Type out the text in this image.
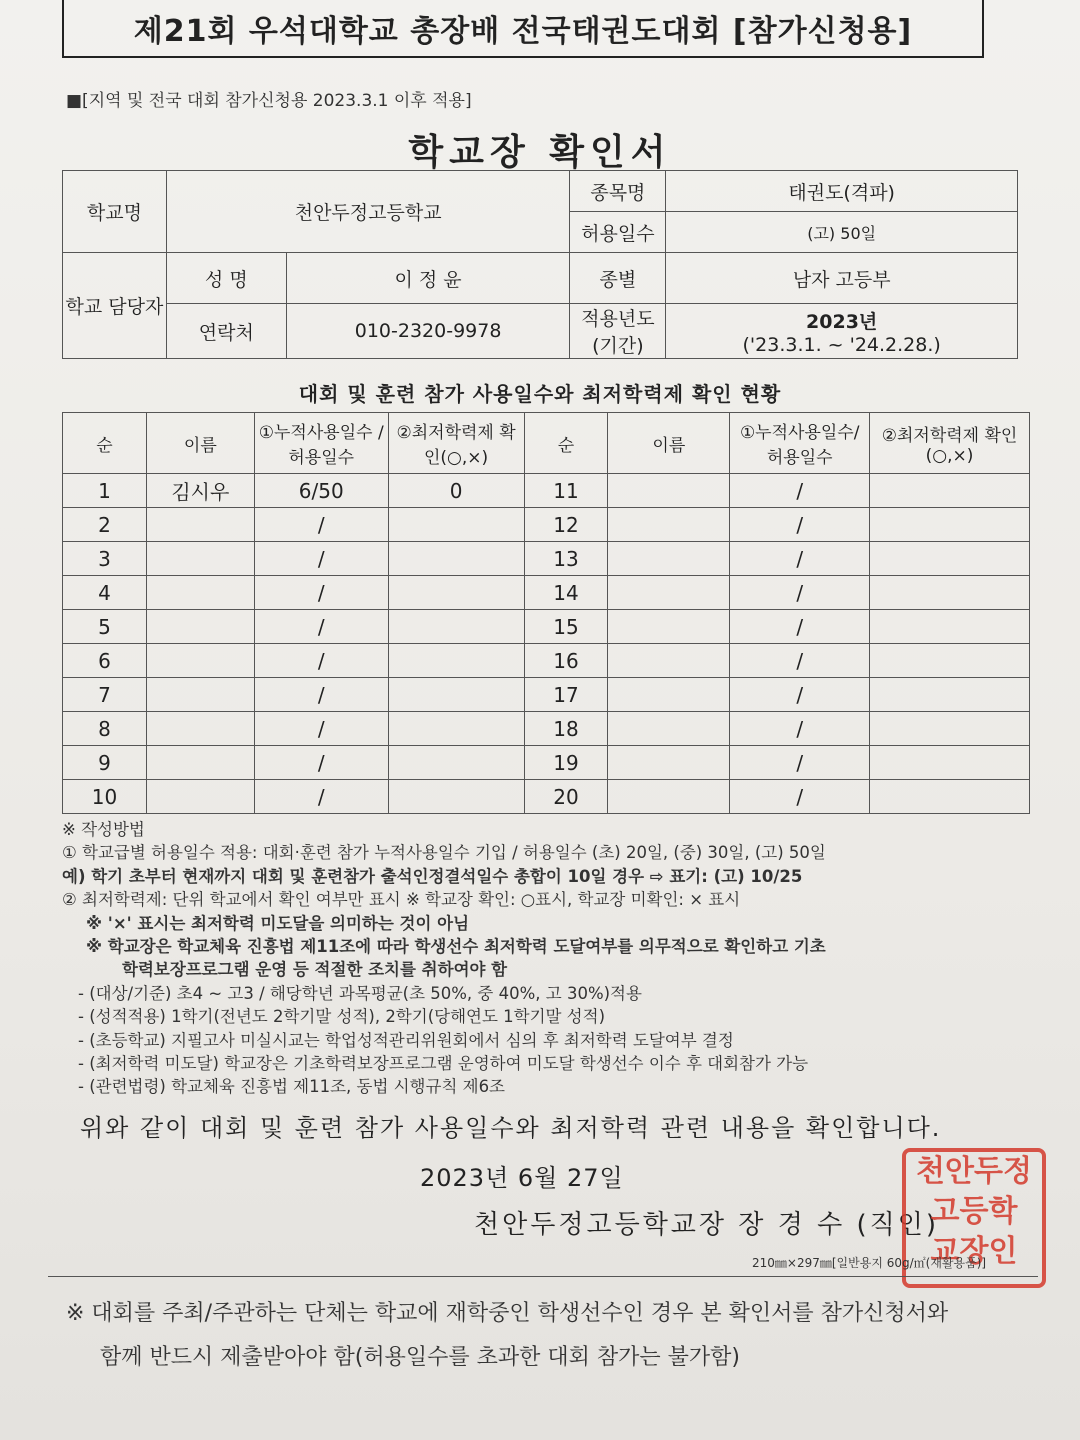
제21회 우석대학교 총장배 전국태권도대회 [참가신청용]
■[지역 및 전국 대회 참가신청용 2023.3.1 이후 적용]
학교장 확인서
학교명	천안두정고등학교		종목명	태권도(격파)
			허용일수	(고) 50일
학교 담당자	성 명	이 정 윤	종별	남자 고등부
	연락처	010-2320-9978	적용년도 (기간)	2023년
('23.3.1. ~ '24.2.28.)
대회 및 훈련 참가 사용일수와 최저학력제 확인 현황
순	이름	①누적사용일수 /허용일수	②최저학력제 확인(○,×)	순	이름	①누적사용일수/ 허용일수	②최저학력제 확인(○,×)
1	김시우	6/50	0	11		/	
2		/		12		/	
3		/		13		/	
4		/		14		/	
5		/		15		/	
6		/		16		/	
7		/		17		/	
8		/		18		/	
9		/		19		/	
10		/		20		/	
※ 작성방법
① 학교급별 허용일수 적용: 대회·훈련 참가 누적사용일수 기입 / 허용일수 (초) 20일, (중) 30일, (고) 50일
예) 학기 초부터 현재까지 대회 및 훈련참가 출석인정결석일수 총합이 10일 경우 ⇨ 표기: (고) 10/25
② 최저학력제: 단위 학교에서 확인 여부만 표시 ※ 학교장 확인: ○표시, 학교장 미확인: × 표시
※ '×' 표시는 최저학력 미도달을 의미하는 것이 아님
※ 학교장은 학교체육 진흥법 제11조에 따라 학생선수 최저학력 도달여부를 의무적으로 확인하고 기초
학력보장프로그램 운영 등 적절한 조치를 취하여야 함
- (대상/기준) 초4 ~ 고3 / 해당학년 과목평균(초 50%, 중 40%, 고 30%)적용
- (성적적용) 1학기(전년도 2학기말 성적), 2학기(당해연도 1학기말 성적)
- (초등학교) 지필고사 미실시교는 학업성적관리위원회에서 심의 후 최저학력 도달여부 결정
- (최저학력 미도달) 학교장은 기초학력보장프로그램 운영하여 미도달 학생선수 이수 후 대회참가 가능
- (관련법령) 학교체육 진흥법 제11조, 동법 시행규칙 제6조
위와 같이 대회 및 훈련 참가 사용일수와 최저학력 관련 내용을 확인합니다.
2023년 6월 27일
천안두정고등학교장 장 경 수 (직인)
천안두정
고등학
교장인
210㎜×297㎜[일반용지 60g/㎡(재활용품)]
※ 대회를 주최/주관하는 단체는 학교에 재학중인 학생선수인 경우 본 확인서를 참가신청서와
함께 반드시 제출받아야 함(허용일수를 초과한 대회 참가는 불가함)
